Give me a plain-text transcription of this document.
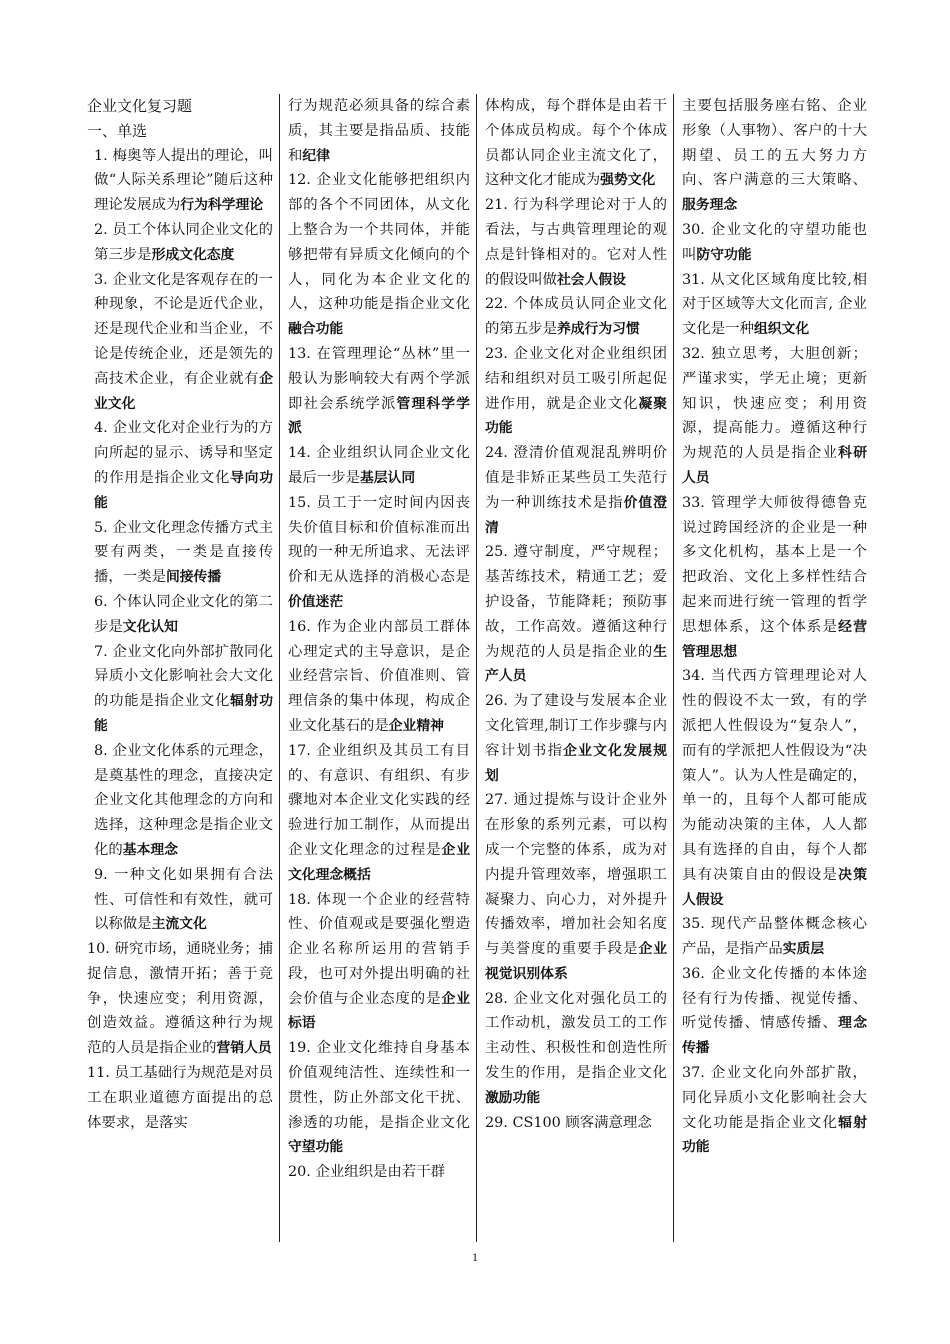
企业文化复习题
一、单选
1. 梅奥等人提出的理论，叫做“人际关系理论”随后这种理论发展成为行为科学理论
2. 员工个体认同企业文化的第三步是形成文化态度
3. 企业文化是客观存在的一种现象，不论是近代企业，还是现代企业和当企业，不论是传统企业，还是领先的高技术企业，有企业就有企业文化
4. 企业文化对企业行为的方向所起的显示、诱导和坚定的作用是指企业文化导向功能
5. 企业文化理念传播方式主要有两类，一类是直接传播，一类是间接传播
6. 个体认同企业文化的第二步是文化认知
7. 企业文化向外部扩散同化异质小文化影响社会大文化的功能是指企业文化辐射功能
8. 企业文化体系的元理念，是奠基性的理念，直接决定企业文化其他理念的方向和选择，这种理念是指企业文化的基本理念
9. 一种文化如果拥有合法性、可信性和有效性，就可以称做是主流文化
10. 研究市场，通晓业务；捕捉信息，激情开拓；善于竞争，快速应变；利用资源，创造效益。遵循这种行为规范的人员是指企业的营销人员
11. 员工基础行为规范是对员工在职业道德方面提出的总体要求，是落实
行为规范必须具备的综合素质，其主要是指品质、技能和纪律
12. 企业文化能够把组织内部的各个不同团体，从文化上整合为一个共同体，并能够把带有异质文化倾向的个人，同化为本企业文化的人，这种功能是指企业文化融合功能
13. 在管理理论“丛林”里一般认为影响较大有两个学派即社会系统学派管理科学学派
14. 企业组织认同企业文化最后一步是基层认同
15. 员工于一定时间内因丧失价值目标和价值标准而出现的一种无所追求、无法评价和无从选择的消极心态是价值迷茫
16. 作为企业内部员工群体心理定式的主导意识，是企业经营宗旨、价值准则、管理信条的集中体现，构成企业文化基石的是企业精神
17. 企业组织及其员工有目的、有意识、有组织、有步骤地对本企业文化实践的经验进行加工制作，从而提出企业文化理念的过程是企业文化理念概括
18. 体现一个企业的经营特性、价值观或是要强化塑造企业名称所运用的营销手段，也可对外提出明确的社会价值与企业态度的是企业标语
19. 企业文化维持自身基本价值观纯洁性、连续性和一贯性，防止外部文化干扰、渗透的功能，是指企业文化守望功能
20. 企业组织是由若干群
体构成，每个群体是由若干个体成员构成。每个个体成员都认同企业主流文化了，这种文化才能成为强势文化
21. 行为科学理论对于人的看法，与古典管理理论的观点是针锋相对的。它对人性的假设叫做社会人假设
22. 个体成员认同企业文化的第五步是养成行为习惯
23. 企业文化对企业组织团结和组织对员工吸引所起促进作用，就是企业文化凝聚功能
24. 澄清价值观混乱辨明价值是非矫正某些员工失范行为一种训练技术是指价值澄清
25. 遵守制度，严守规程；基苦练技术，精通工艺；爱护设备，节能降耗；预防事故，工作高效。遵循这种行为规范的人员是指企业的生产人员
26. 为了建设与发展本企业文化管理,制订工作步骤与内容计划书指企业文化发展规划
27. 通过提炼与设计企业外在形象的系列元素，可以构成一个完整的体系，成为对内提升管理效率，增强职工凝聚力、向心力，对外提升传播效率，增加社会知名度与美誉度的重要手段是企业视觉识别体系
28. 企业文化对强化员工的工作动机，激发员工的工作主动性、积极性和创造性所发生的作用，是指企业文化激励功能
29. CS100 顾客满意理念
主要包括服务座右铭、企业形象（人事物）、客户的十大期望、员工的五大努力方向、客户满意的三大策略、服务理念
30. 企业文化的守望功能也叫防守功能
31. 从文化区域角度比较,相对于区域等大文化而言, 企业文化是一种组织文化
32. 独立思考，大胆创新；严谨求实，学无止境；更新知识，快速应变；利用资源，提高能力。遵循这种行为规范的人员是指企业科研人员
33. 管理学大师彼得德鲁克说过跨国经济的企业是一种多文化机构，基本上是一个把政治、文化上多样性结合起来而进行统一管理的哲学思想体系，这个体系是经营管理思想
34. 当代西方管理理论对人性的假设不太一致，有的学派把人性假设为“复杂人”，而有的学派把人性假设为“决策人”。认为人性是确定的，单一的，且每个人都可能成为能动决策的主体，人人都具有选择的自由，每个人都具有决策自由的假设是决策人假设
35. 现代产品整体概念核心产品，是指产品实质层
36. 企业文化传播的本体途径有行为传播、视觉传播、听觉传播、情感传播、理念传播
37. 企业文化向外部扩散，同化异质小文化影响社会大文化功能是指企业文化辐射功能
1
